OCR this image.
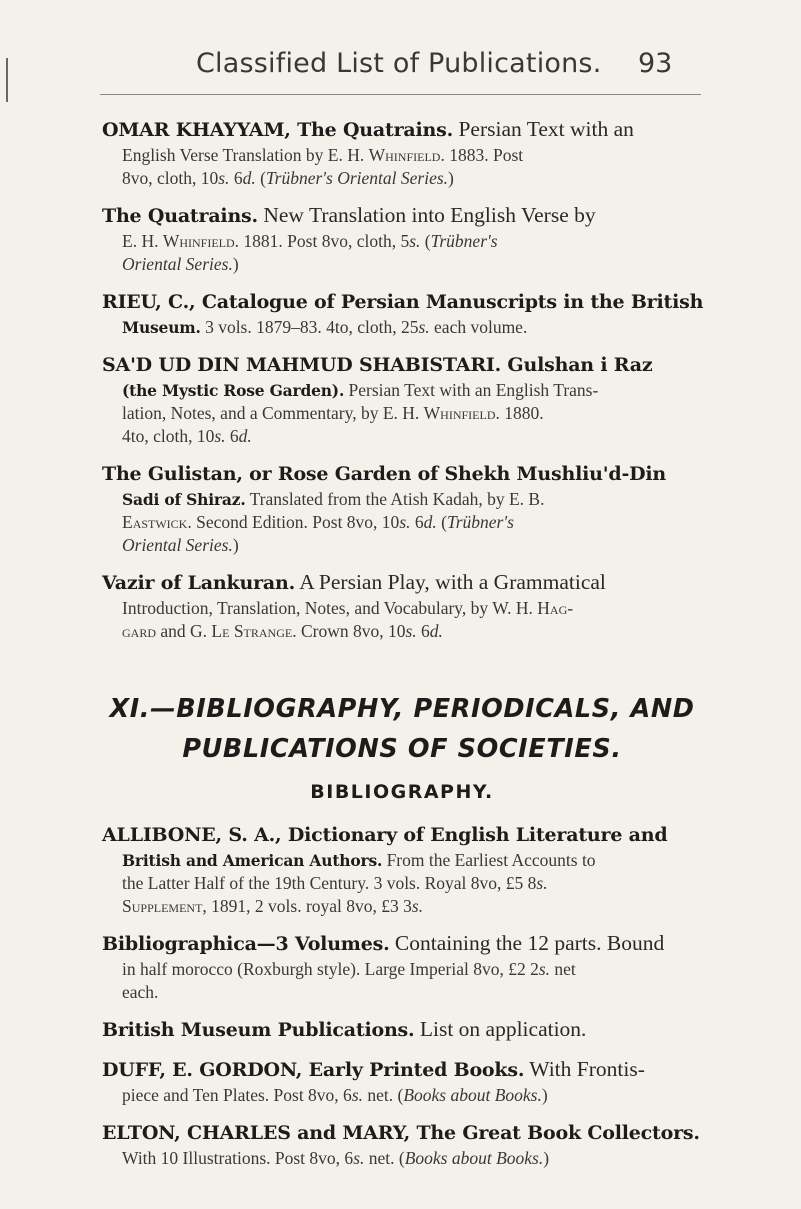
Classified List of Publications. 93
OMAR KHAYYAM, The Quatrains. Persian Text with an
English Verse Translation by E. H. Whinfield. 1883. Post
8vo, cloth, 10s. 6d. (Trübner's Oriental Series.)
The Quatrains. New Translation into English Verse by
E. H. Whinfield. 1881. Post 8vo, cloth, 5s. (Trübner's
Oriental Series.)
RIEU, C., Catalogue of Persian Manuscripts in the British
Museum. 3 vols. 1879–83. 4to, cloth, 25s. each volume.
SA'D UD DIN MAHMUD SHABISTARI. Gulshan i Raz
(the Mystic Rose Garden). Persian Text with an English Trans-
lation, Notes, and a Commentary, by E. H. Whinfield. 1880.
4to, cloth, 10s. 6d.
The Gulistan, or Rose Garden of Shekh Mushliu'd-Din
Sadi of Shiraz. Translated from the Atish Kadah, by E. B.
Eastwick. Second Edition. Post 8vo, 10s. 6d. (Trübner's
Oriental Series.)
Vazir of Lankuran. A Persian Play, with a Grammatical
Introduction, Translation, Notes, and Vocabulary, by W. H. Hag-
gard and G. Le Strange. Crown 8vo, 10s. 6d.
XI.—BIBLIOGRAPHY, PERIODICALS, AND
PUBLICATIONS OF SOCIETIES.
BIBLIOGRAPHY.
ALLIBONE, S. A., Dictionary of English Literature and
British and American Authors. From the Earliest Accounts to
the Latter Half of the 19th Century. 3 vols. Royal 8vo, £5 8s.
Supplement, 1891, 2 vols. royal 8vo, £3 3s.
Bibliographica—3 Volumes. Containing the 12 parts. Bound
in half morocco (Roxburgh style). Large Imperial 8vo, £2 2s. net
each.
British Museum Publications. List on application.
DUFF, E. GORDON, Early Printed Books. With Frontis-
piece and Ten Plates. Post 8vo, 6s. net. (Books about Books.)
ELTON, CHARLES and MARY, The Great Book Collectors.
With 10 Illustrations. Post 8vo, 6s. net. (Books about Books.)
